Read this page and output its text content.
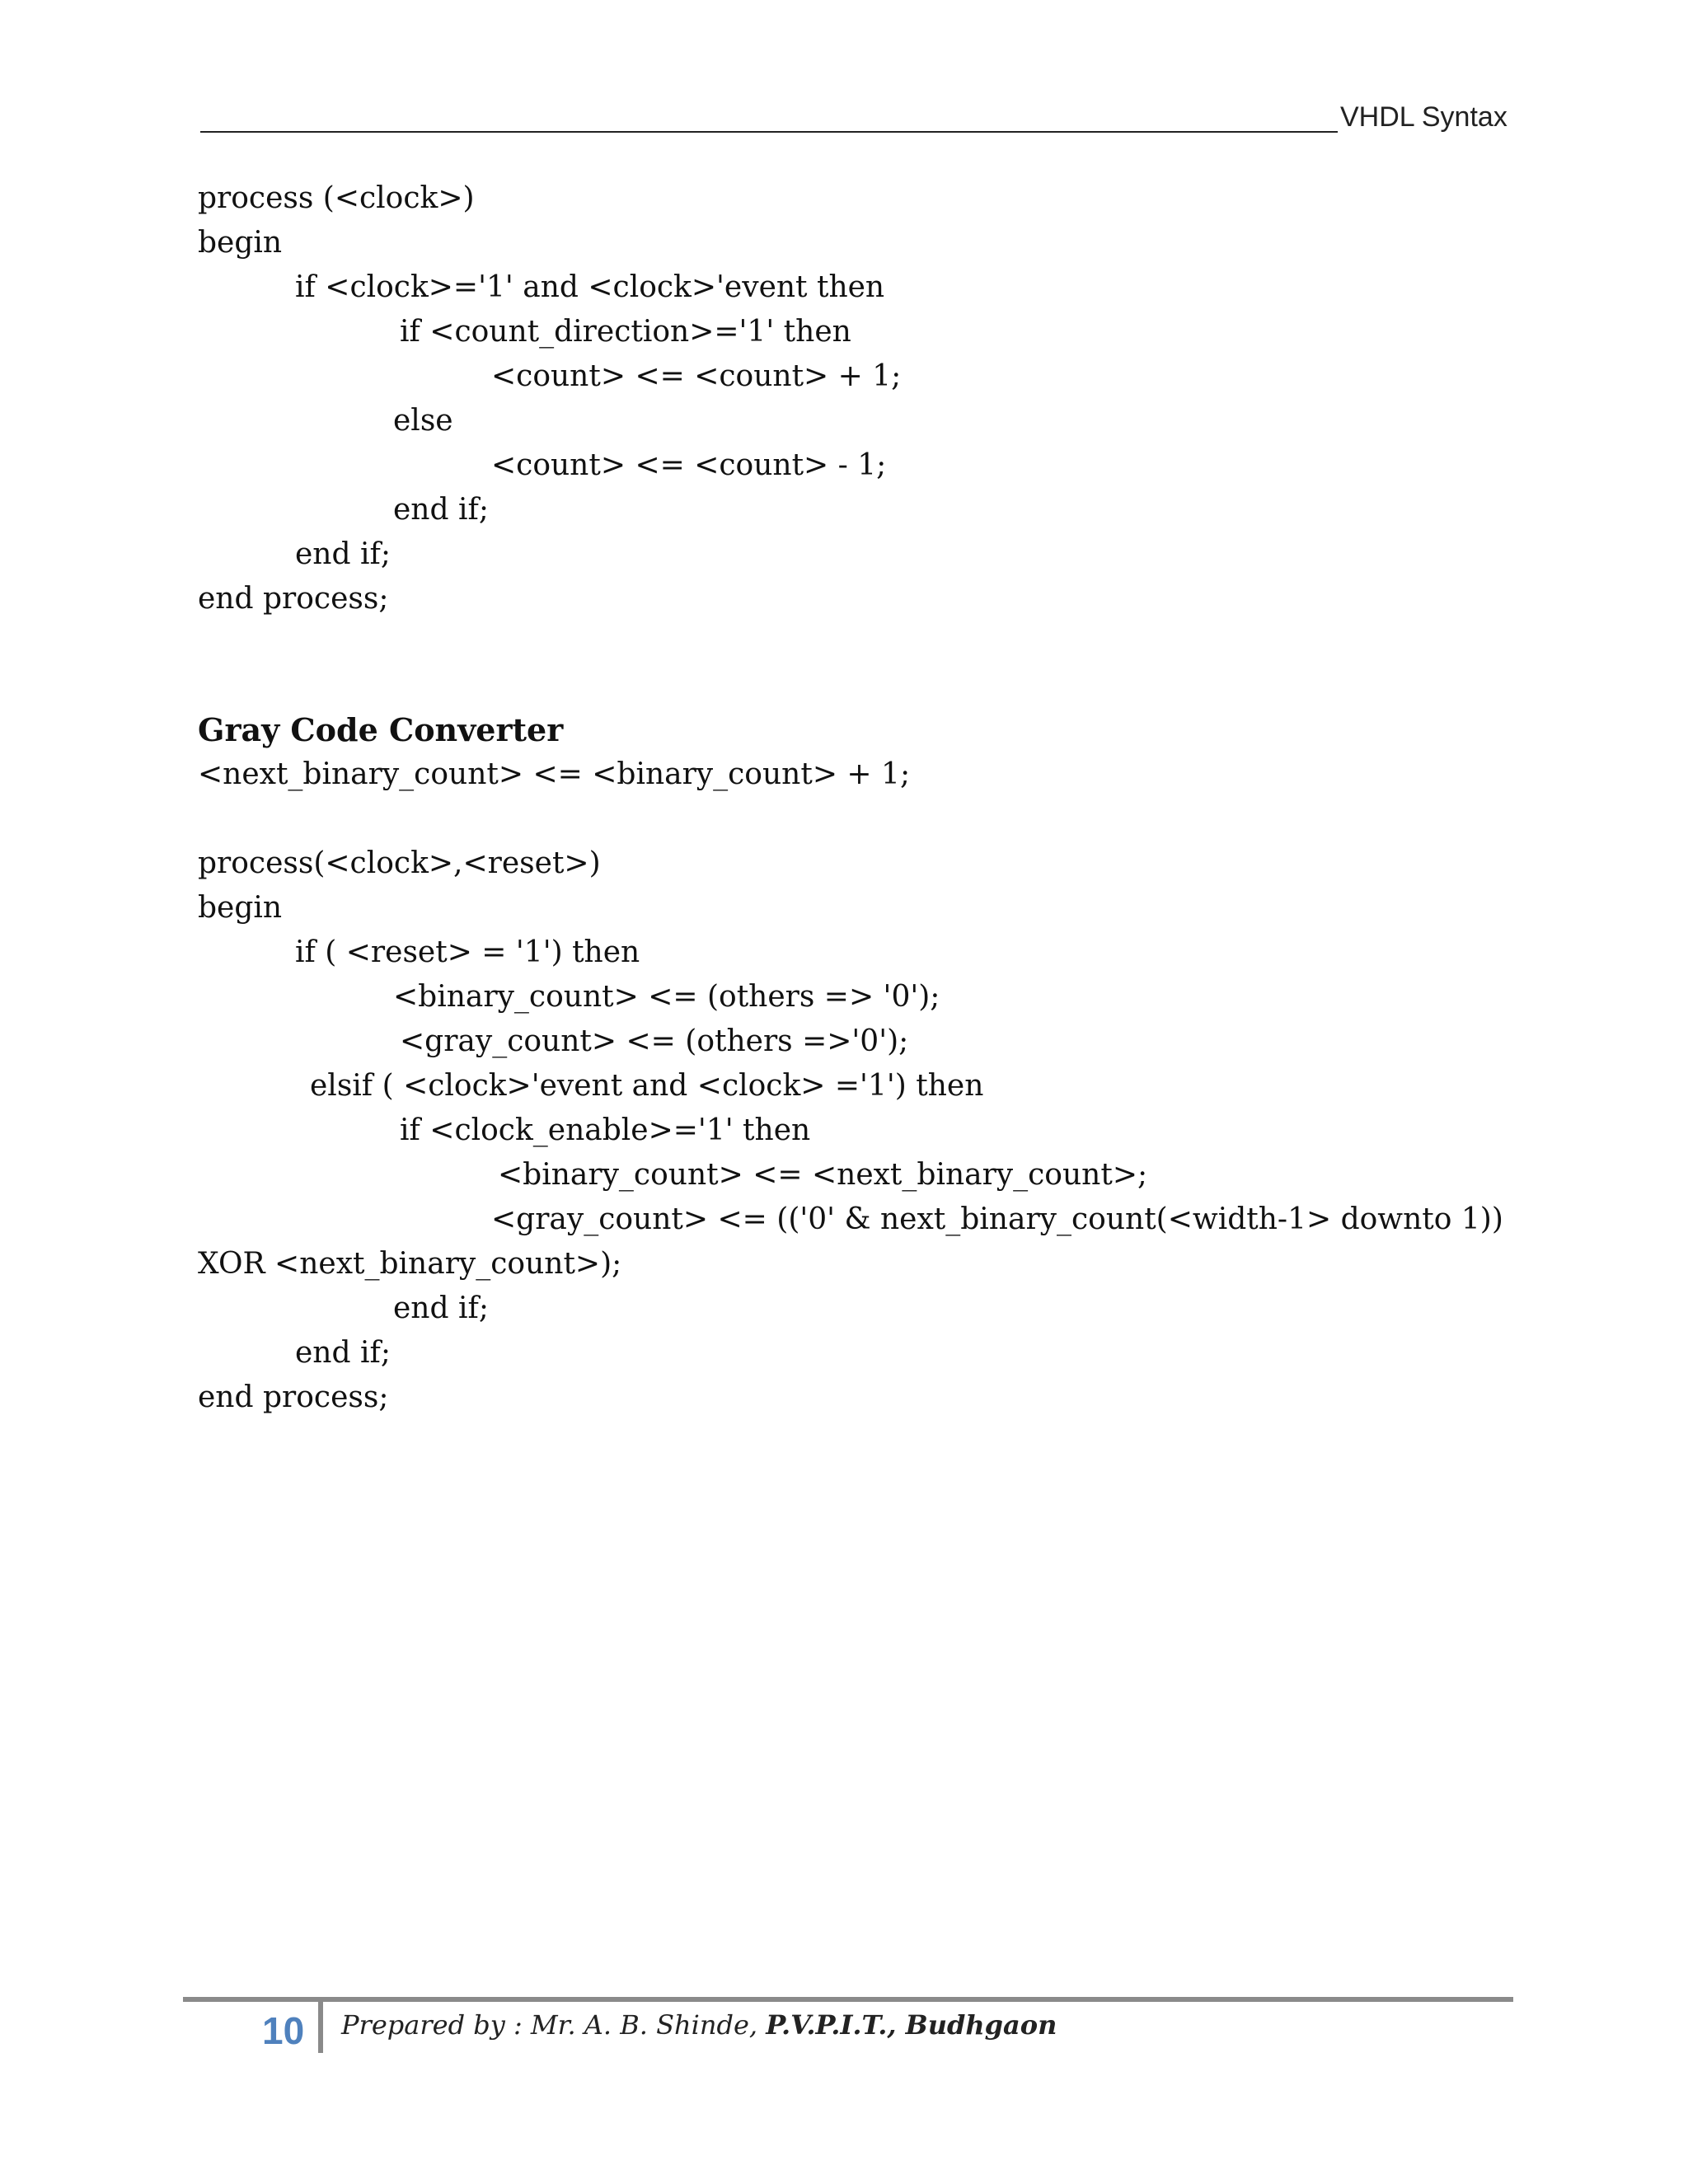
VHDL Syntax
process (<clock>)
begin
if <clock>='1' and <clock>'event then
if <count_direction>='1' then
<count> <= <count> + 1;
else
<count> <= <count> - 1;
end if;
end if;
end process;
Gray Code Converter
<next_binary_count> <= <binary_count> + 1;
process(<clock>,<reset>)
begin
if ( <reset> = '1') then
<binary_count> <= (others => '0');
<gray_count> <= (others =>'0');
elsif ( <clock>'event and <clock> ='1') then
if <clock_enable>='1' then
<binary_count> <= <next_binary_count>;
<gray_count> <= (('0' & next_binary_count(<width-1> downto 1))
XOR <next_binary_count>);
end if;
end if;
end process;
10 Prepared by : Mr. A. B. Shinde, P.V.P.I.T., Budhgaon
